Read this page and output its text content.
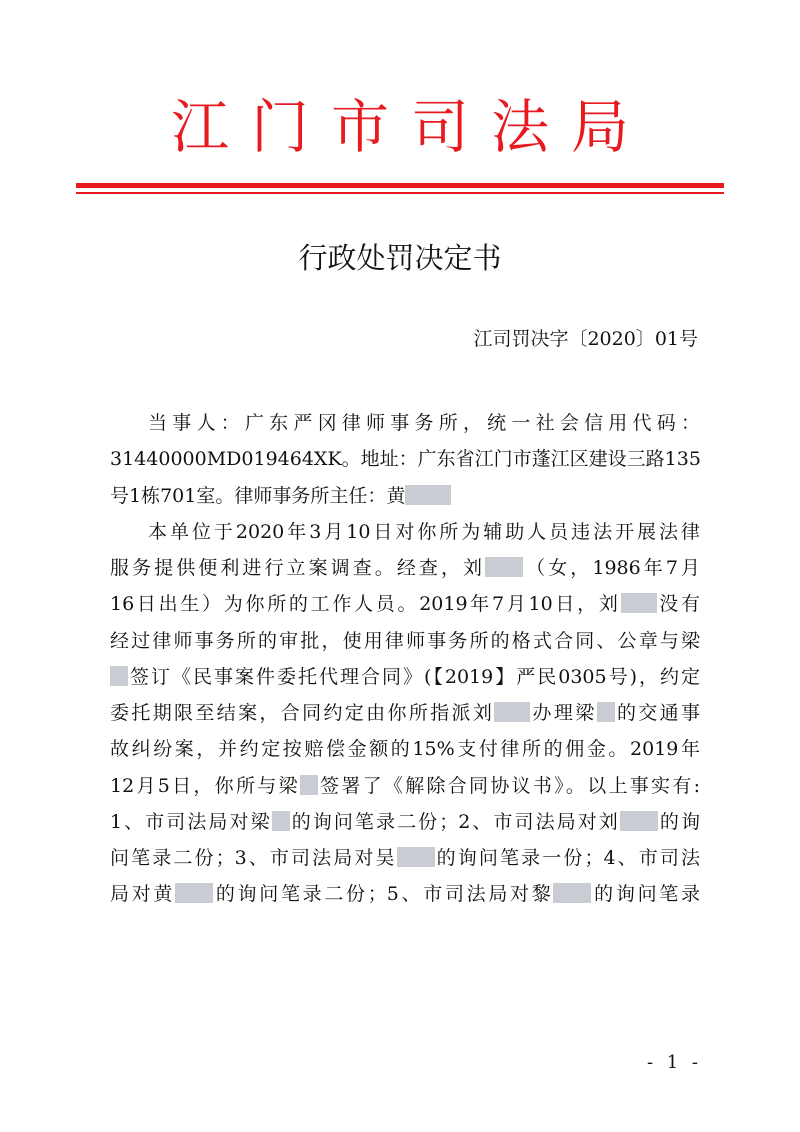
江门市司法局
行政处罚决定书
江司罚决字〔2020〕01号
当事人：广东严冈律师事务所，统一社会信用代码：
31440000MD019464XK。地址：广东省江门市蓬江区建设三路135
号1栋701室。律师事务所主任：黄
本单位于2020年3月10日对你所为辅助人员违法开展法律
服务提供便利进行立案调查。经查，刘 （女，1986年7月
16日出生）为你所的工作人员。2019年7月10日，刘 没有
经过律师事务所的审批，使用律师事务所的格式合同、公章与梁
签订《民事案件委托代理合同》(【2019】严民0305号)，约定
委托期限至结案，合同约定由你所指派刘 办理梁 的交通事
故纠纷案，并约定按赔偿金额的15%支付律所的佣金。2019年
12月5日，你所与梁 签署了《解除合同协议书》。以上事实有:
1、市司法局对梁 的询问笔录二份；2、市司法局对刘 的询
问笔录二份；3、市司法局对吴 的询问笔录一份；4、市司法
局对黄 的询问笔录二份；5、市司法局对黎 的询问笔录
- 1 -
